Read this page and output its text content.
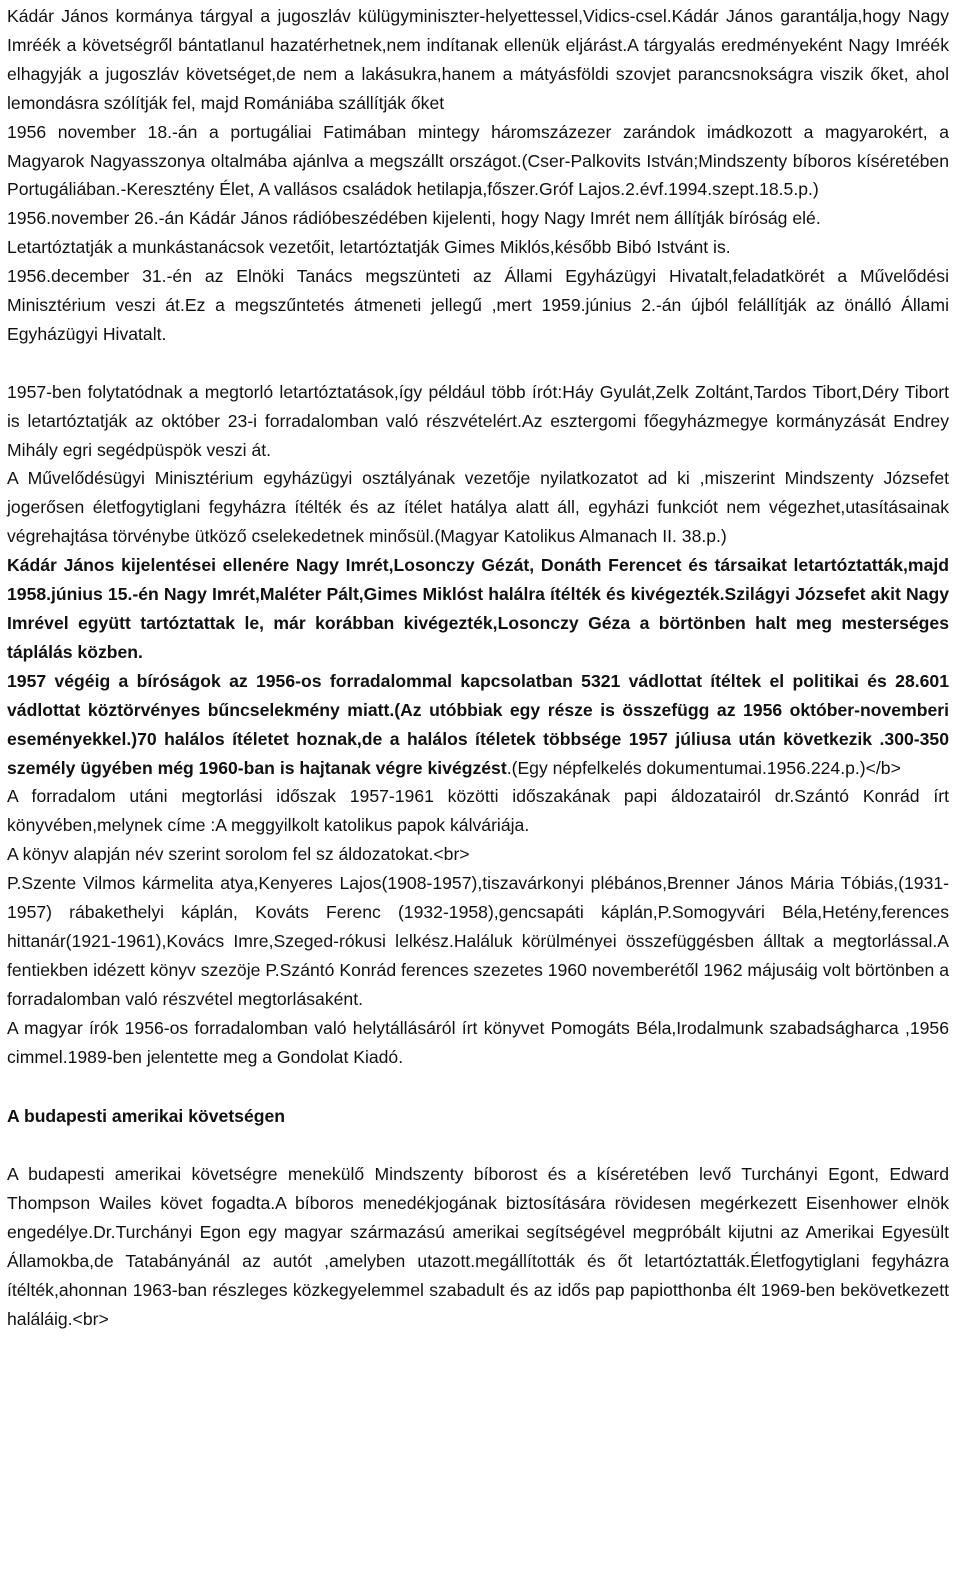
Kádár János kormánya tárgyal a jugoszláv külügyminiszter-helyettessel,Vidics-csel.Kádár János garantálja,hogy Nagy Imréék a követségről bántatlanul hazatérhetnek,nem indítanak ellenük eljárást.A tárgyalás eredményeként Nagy Imréék elhagyják a jugoszláv követséget,de nem a lakásukra,hanem a mátyásföldi szovjet parancsnokságra viszik őket, ahol lemondásra szólítják fel, majd Romániába szállítják őket

1956 november 18.-án a portugáliai Fatimában mintegy háromszázezer zarándok imádkozott a magyarokért, a Magyarok Nagyasszonya oltalmába ajánlva a megszállt országot.(Cser-Palkovits István;Mindszenty bíboros kíséretében Portugáliában.-Keresztény Élet, A vallásos családok hetilapja,főszer.Gróf Lajos.2.évf.1994.szept.18.5.p.)

1956.november 26.-án Kádár János rádióbeszédében kijelenti, hogy Nagy Imrét nem állítják bíróság elé.

Letartóztatják a munkástanácsok vezetőit, letartóztatják Gimes Miklós,később Bibó Istvánt is.

1956.december 31.-én az Elnöki Tanács megszünteti az Állami Egyházügyi Hivatalt,feladatkörét a Művelődési Minisztérium veszi át.Ez a megszűntetés átmeneti jellegű ,mert 1959.június 2.-án újból felállítják az önálló Állami Egyházügyi Hivatalt.

1957-ben folytatódnak a megtorló letartóztatások,így például több írót:Háy Gyulát,Zelk Zoltánt,Tardos Tibort,Déry Tibort is letartóztatják az október 23-i forradalomban való részvételért.Az esztergomi főegyházmegye kormányzását Endrey Mihály egri segédpüspök veszi át.

A Művelődésügyi Minisztérium egyházügyi osztályának vezetője nyilatkozatot ad ki ,miszerint Mindszenty Józsefet jogerősen életfogytiglani fegyházra ítélték és az ítélet hatálya alatt áll, egyházi funkciót nem végezhet,utasításainak végrehajtása törvénybe ütköző cselekedetnek minősül.(Magyar Katolikus Almanach II. 38.p.)

Kádár János kijelentései ellenére Nagy Imrét,Losonczy Gézát, Donáth Ferencet és társaikat letartóztatták,majd 1958.június 15.-én Nagy Imrét,Maléter Pált,Gimes Miklóst halálra ítélték és kivégezték.Szilágyi Józsefet akit Nagy Imrével együtt tartóztattak le, már korábban kivégezték,Losonczy Géza a börtönben halt meg mesterséges táplálás közben.

1957 végéig a bíróságok az 1956-os forradalommal kapcsolatban 5321 vádlottat ítéltek el politikai és 28.601 vádlottat köztörvényes bűncselekmény miatt.(Az utóbbiak egy része is összefügg az 1956 október-novemberi eseményekkel.)70 halálos ítéletet hoznak,de a halálos ítéletek többsége 1957 júliusa után következik .300-350 személy ügyében még 1960-ban is hajtanak végre kivégzést.(Egy népfelkelés dokumentumai.1956.224.p.)</b>

A forradalom utáni megtorlási időszak 1957-1961 közötti időszakának papi áldozatairól dr.Szántó Konrád írt könyvében,melynek címe :A meggyilkolt katolikus papok kálváriája.

A könyv alapján név szerint sorolom fel sz áldozatokat.<br>

P.Szente Vilmos kármelita atya,Kenyeres Lajos(1908-1957),tiszavárkonyi plébános,Brenner János Mária Tóbiás,(1931-1957) rábakethelyi káplán, Kováts Ferenc (1932-1958),gencsapáti káplán,P.Somogyvári Béla,Hetény,ferences hittanár(1921-1961),Kovács Imre,Szeged-rókusi lelkész.Haláluk körülményei összefüggésben álltak a megtorlással.A fentiekben idézett könyv szezöje P.Szántó Konrád ferences szezetes 1960 novemberétől 1962 májusáig volt börtönben a forradalomban való részvétel megtorlásaként.

A magyar írók 1956-os forradalomban való helytállásáról írt könyvet Pomogáts Béla,Irodalmunk szabadságharca ,1956 cimmel.1989-ben jelentette meg a Gondolat Kiadó.

A budapesti amerikai követségen

A budapesti amerikai követségre menekülő Mindszenty bíborost és a kíséretében levő Turchányi Egont, Edward Thompson Wailes követ fogadta.A bíboros menedékjogának biztosítására rövidesen megérkezett Eisenhower elnök engedélye.Dr.Turchányi Egon egy magyar származású amerikai segítségével megpróbált kijutni az Amerikai Egyesült Államokba,de Tatabányánál az autót ,amelyben utazott.megállították és őt letartóztatták.Életfogytiglani fegyházra ítélték,ahonnan 1963-ban részleges közkegyelemmel szabadult és az idős pap papiotthonba élt 1969-ben bekövetkezett haláláig.<br>
